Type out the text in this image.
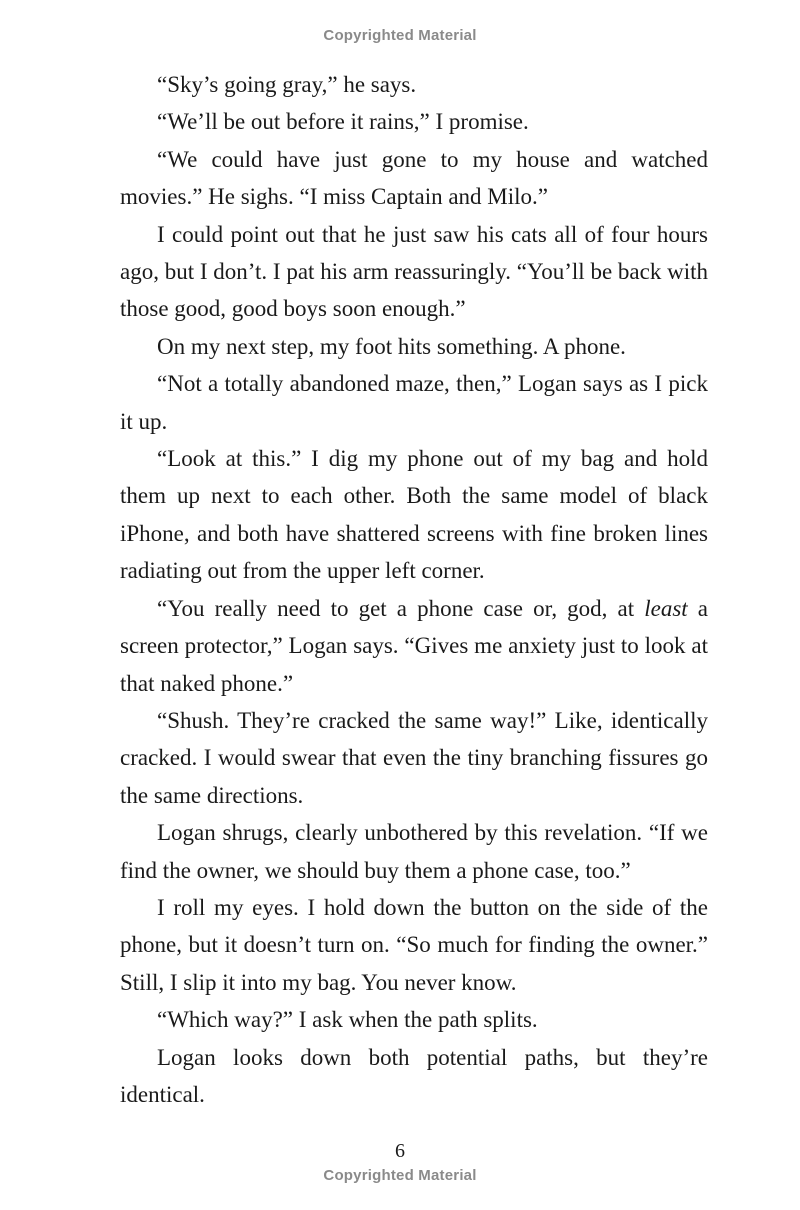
Copyrighted Material

“Sky’s going gray,” he says.

“We’ll be out before it rains,” I promise.

“We could have just gone to my house and watched movies.” He sighs. “I miss Captain and Milo.”

I could point out that he just saw his cats all of four hours ago, but I don’t. I pat his arm reassuringly. “You’ll be back with those good, good boys soon enough.”

On my next step, my foot hits something. A phone.

“Not a totally abandoned maze, then,” Logan says as I pick it up.

“Look at this.” I dig my phone out of my bag and hold them up next to each other. Both the same model of black iPhone, and both have shattered screens with fine broken lines radiating out from the upper left corner.

“You really need to get a phone case or, god, at least a screen protector,” Logan says. “Gives me anxiety just to look at that naked phone.”

“Shush. They’re cracked the same way!” Like, identically cracked. I would swear that even the tiny branching fissures go the same directions.

Logan shrugs, clearly unbothered by this revelation. “If we find the owner, we should buy them a phone case, too.”

I roll my eyes. I hold down the button on the side of the phone, but it doesn’t turn on. “So much for finding the owner.” Still, I slip it into my bag. You never know.

“Which way?” I ask when the path splits.

Logan looks down both potential paths, but they’re identical.

6
Copyrighted Material
